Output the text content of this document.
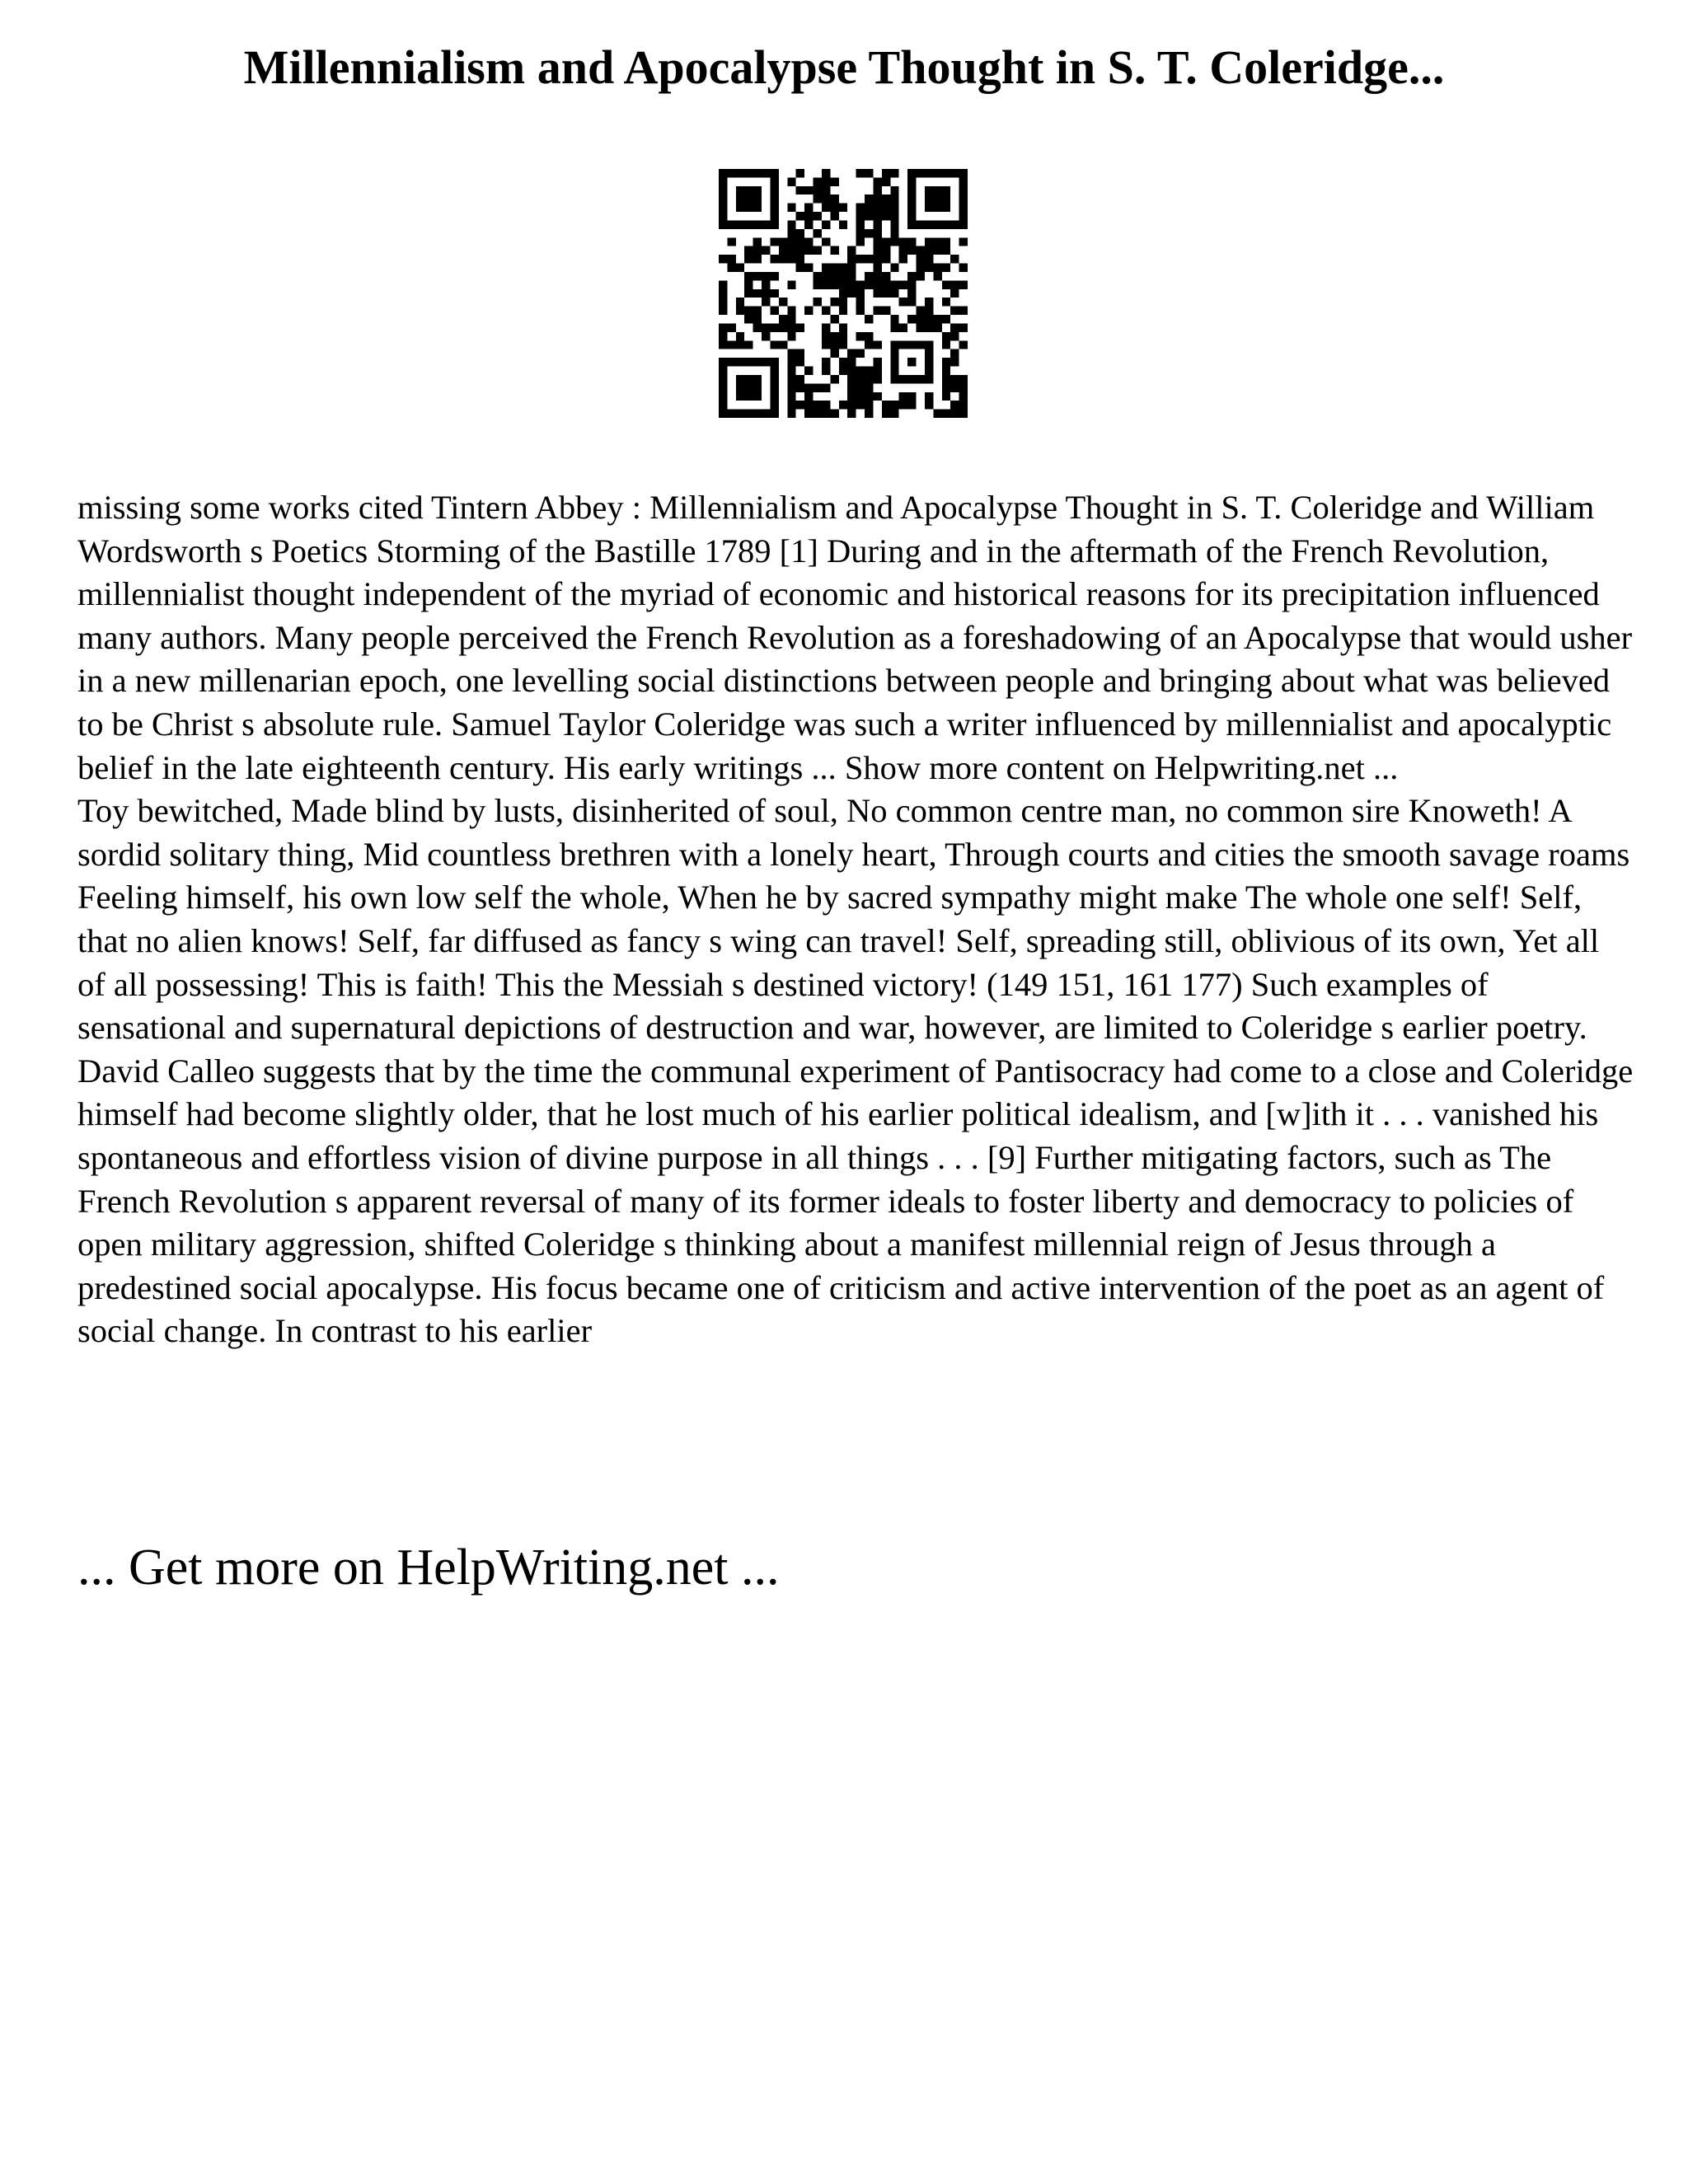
Millennialism and Apocalypse Thought in S. T. Coleridge...

missing some works cited Tintern Abbey : Millennialism and Apocalypse Thought in S. T. Coleridge and William Wordsworth s Poetics Storming of the Bastille 1789 [1] During and in the aftermath of the French Revolution, millennialist thought independent of the myriad of economic and historical reasons for its precipitation influenced many authors. Many people perceived the French Revolution as a foreshadowing of an Apocalypse that would usher in a new millenarian epoch, one levelling social distinctions between people and bringing about what was believed to be Christ s absolute rule. Samuel Taylor Coleridge was such a writer influenced by millennialist and apocalyptic belief in the late eighteenth century. His early writings ... Show more content on Helpwriting.net ...

Toy bewitched, Made blind by lusts, disinherited of soul, No common centre man, no common sire Knoweth! A sordid solitary thing, Mid countless brethren with a lonely heart, Through courts and cities the smooth savage roams Feeling himself, his own low self the whole, When he by sacred sympathy might make The whole one self! Self, that no alien knows! Self, far diffused as fancy s wing can travel! Self, spreading still, oblivious of its own, Yet all of all possessing! This is faith! This the Messiah s destined victory! (149 151, 161 177) Such examples of sensational and supernatural depictions of destruction and war, however, are limited to Coleridge s earlier poetry. David Calleo suggests that by the time the communal experiment of Pantisocracy had come to a close and Coleridge himself had become slightly older, that he lost much of his earlier political idealism, and [w]ith it . . . vanished his spontaneous and effortless vision of divine purpose in all things . . . [9] Further mitigating factors, such as The French Revolution s apparent reversal of many of its former ideals to foster liberty and democracy to policies of open military aggression, shifted Coleridge s thinking about a manifest millennial reign of Jesus through a predestined social apocalypse. His focus became one of criticism and active intervention of the poet as an agent of social change. In contrast to his earlier

... Get more on HelpWriting.net ...
